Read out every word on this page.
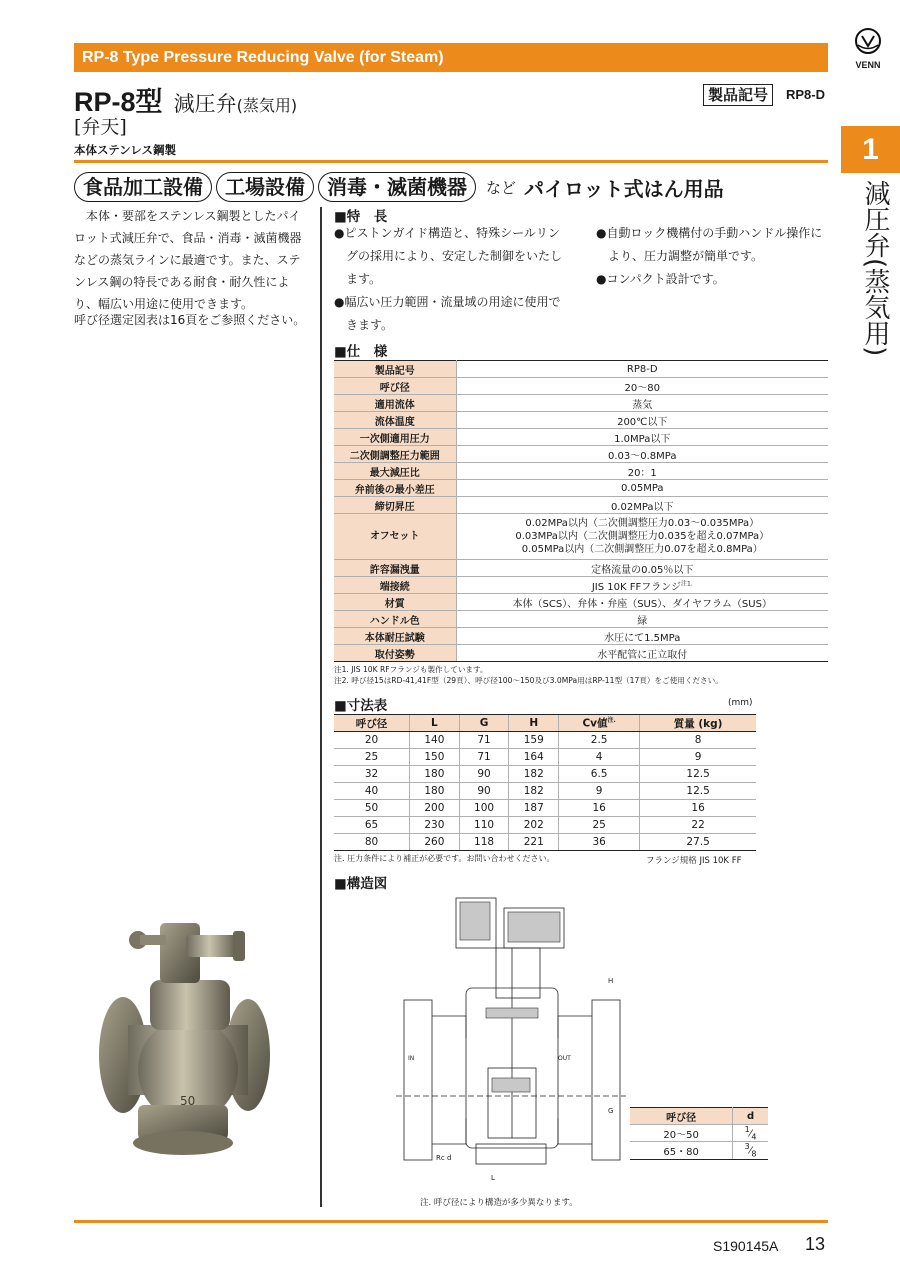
RP-8 Type Pressure Reducing Valve (for Steam)
RP-8型 減圧弁(蒸気用)
[弁天]
本体ステンレス鋼製
製品記号	RP8-D
食品加工設備	工場設備	消毒・滅菌機器	など パイロット式はん用品
本体・要部をステンレス鋼製としたパイロット式減圧弁で、食品・消毒・滅菌機器などの蒸気ラインに最適です。また、ステンレス鋼の特長である耐食・耐久性により、幅広い用途に使用できます。
呼び径選定図表は16頁をご参照ください。
■特　長
●ピストンガイド構造と、特殊シールリングの採用により、安定した制御をいたします。
●幅広い圧力範囲・流量域の用途に使用できます。
●自動ロック機構付の手動ハンドル操作により、圧力調整が簡単です。
●コンパクト設計です。
■仕　様
製品記号	RP8-D
呼び径	20〜80
適用流体	蒸気
流体温度	200℃以下
一次側適用圧力	1.0MPa以下
二次側調整圧力範囲	0.03〜0.8MPa
最大減圧比	20：1
弁前後の最小差圧	0.05MPa
締切昇圧	0.02MPa以下
オフセット	0.02MPa以内（二次側調整圧力0.03〜0.035MPa）
0.03MPa以内（二次側調整圧力0.035を超え0.07MPa）
0.05MPa以内（二次側調整圧力0.07を超え0.8MPa）

許容漏洩量	定格流量の0.05％以下
端接続	JIS 10K FFフランジ$^{注1.}$
材質	本体（SCS）、弁体・弁座（SUS）、ダイヤフラム（SUS）
ハンドル色	緑
本体耐圧試験	水圧にて1.5MPa
取付姿勢	水平配管に正立取付
注1. JIS 10K RFフランジも製作しています。
注2. 呼び径15はRD-41,41F型（29頁）、呼び径100〜150及び3.0MPa用はRP-11型（17頁）をご使用ください。
■寸法表	(mm)
呼び径	L	G	H	Cv値$^{注.}$	質量 (kg)
20	140	71	159	2.5	8
25	150	71	164	4	9
32	180	90	182	6.5	12.5
40	180	90	182	9	12.5
50	200	100	187	16	16
65	230	110	202	25	22
80	260	118	221	36	27.5
注. 圧力条件により補正が必要です。お問い合わせください。	フランジ規格 JIS 10K FF
■構造図
50
IN	OUT
Rc d
L
G
H
呼び径	d
20〜50	$^1⁄_4$
65・80	$^3⁄_8$
注. 呼び径により構造が多少異なります。
S190145A 13
VENN
1
減圧弁(蒸気用)
